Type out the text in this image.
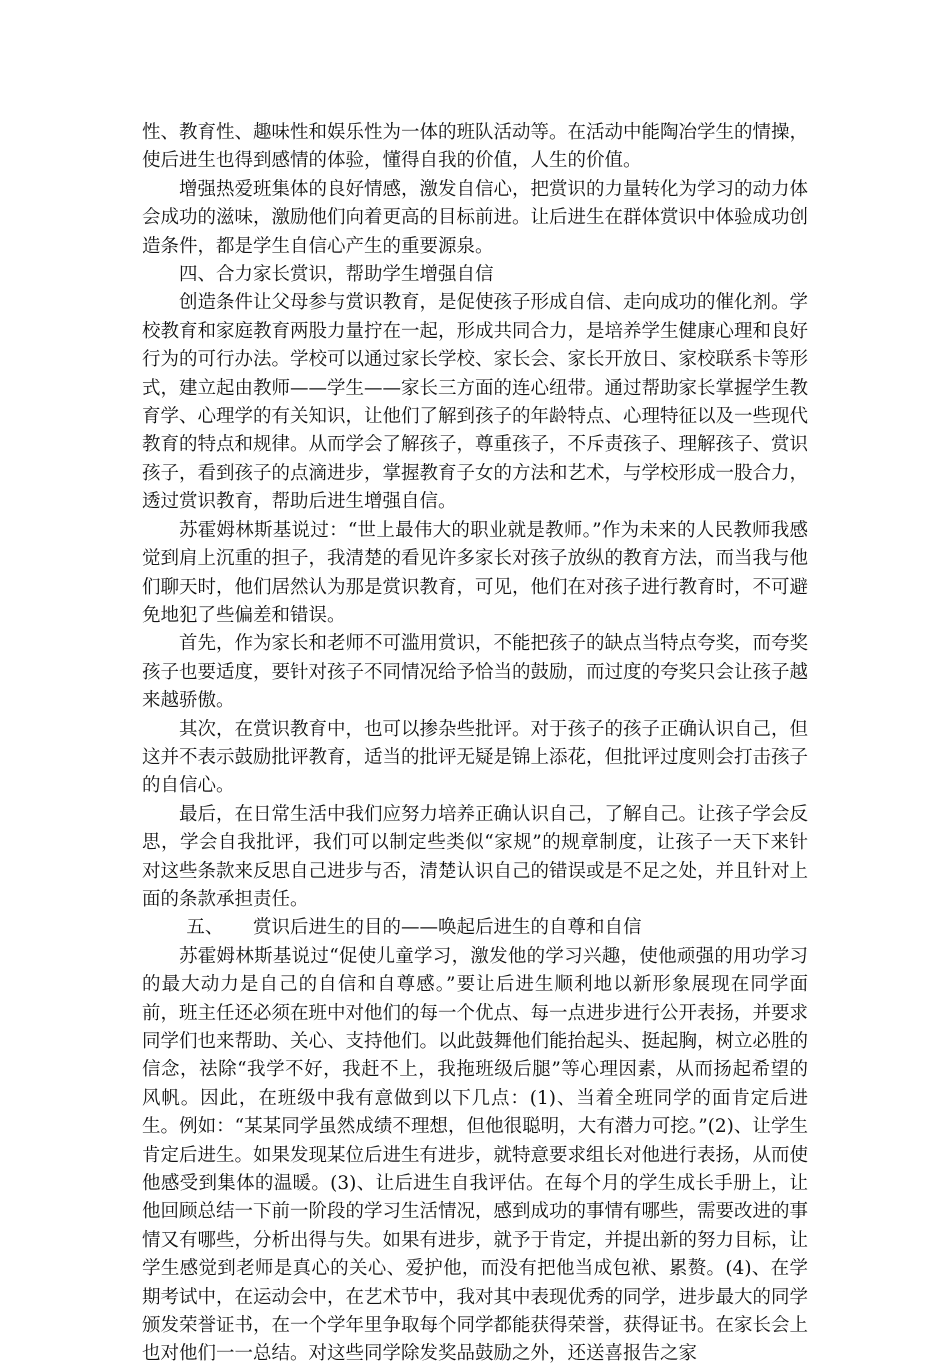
性、教育性、趣味性和娱乐性为一体的班队活动等。在活动中能陶冶学生的情操，使后进生也得到感情的体验，懂得自我的价值，人生的价值。

增强热爱班集体的良好情感，激发自信心，把赏识的力量转化为学习的动力体会成功的滋味，激励他们向着更高的目标前进。让后进生在群体赏识中体验成功创造条件，都是学生自信心产生的重要源泉。

四、合力家长赏识，帮助学生增强自信

创造条件让父母参与赏识教育，是促使孩子形成自信、走向成功的催化剂。学校教育和家庭教育两股力量拧在一起，形成共同合力，是培养学生健康心理和良好行为的可行办法。学校可以通过家长学校、家长会、家长开放日、家校联系卡等形式，建立起由教师——学生——家长三方面的连心纽带。通过帮助家长掌握学生教育学、心理学的有关知识，让他们了解到孩子的年龄特点、心理特征以及一些现代教育的特点和规律。从而学会了解孩子，尊重孩子，不斥责孩子、理解孩子、赏识孩子，看到孩子的点滴进步，掌握教育子女的方法和艺术，与学校形成一股合力，透过赏识教育，帮助后进生增强自信。

苏霍姆林斯基说过：“世上最伟大的职业就是教师。”作为未来的人民教师我感觉到肩上沉重的担子，我清楚的看见许多家长对孩子放纵的教育方法，而当我与他们聊天时，他们居然认为那是赏识教育，可见，他们在对孩子进行教育时，不可避免地犯了些偏差和错误。

首先，作为家长和老师不可滥用赏识，不能把孩子的缺点当特点夸奖，而夸奖孩子也要适度，要针对孩子不同情况给予恰当的鼓励，而过度的夸奖只会让孩子越来越骄傲。

其次，在赏识教育中，也可以掺杂些批评。对于孩子的孩子正确认识自己，但这并不表示鼓励批评教育，适当的批评无疑是锦上添花，但批评过度则会打击孩子的自信心。

最后，在日常生活中我们应努力培养正确认识自己，了解自己。让孩子学会反思，学会自我批评，我们可以制定些类似“家规”的规章制度，让孩子一天下来针对这些条款来反思自己进步与否，清楚认识自己的错误或是不足之处，并且针对上面的条款承担责任。

五、 赏识后进生的目的——唤起后进生的自尊和自信

苏霍姆林斯基说过“促使儿童学习，激发他的学习兴趣，使他顽强的用功学习的最大动力是自己的自信和自尊感。”要让后进生顺利地以新形象展现在同学面前，班主任还必须在班中对他们的每一个优点、每一点进步进行公开表扬，并要求同学们也来帮助、关心、支持他们。以此鼓舞他们能抬起头、挺起胸，树立必胜的信念，祛除“我学不好，我赶不上，我拖班级后腿”等心理因素，从而扬起希望的风帆。因此，在班级中我有意做到以下几点：(1)、当着全班同学的面肯定后进生。例如：“某某同学虽然成绩不理想，但他很聪明，大有潜力可挖。”(2)、让学生肯定后进生。如果发现某位后进生有进步，就特意要求组长对他进行表扬，从而使他感受到集体的温暖。(3)、让后进生自我评估。在每个月的学生成长手册上，让他回顾总结一下前一阶段的学习生活情况，感到成功的事情有哪些，需要改进的事情又有哪些，分析出得与失。如果有进步，就予于肯定，并提出新的努力目标，让学生感觉到老师是真心的关心、爱护他，而没有把他当成包袱、累赘。(4)、在学期考试中，在运动会中，在艺术节中，我对其中表现优秀的同学，进步最大的同学颁发荣誉证书，在一个学年里争取每个同学都能获得荣誉，获得证书。在家长会上也对他们一一总结。对这些同学除发奖品鼓励之外，还送喜报告之家
